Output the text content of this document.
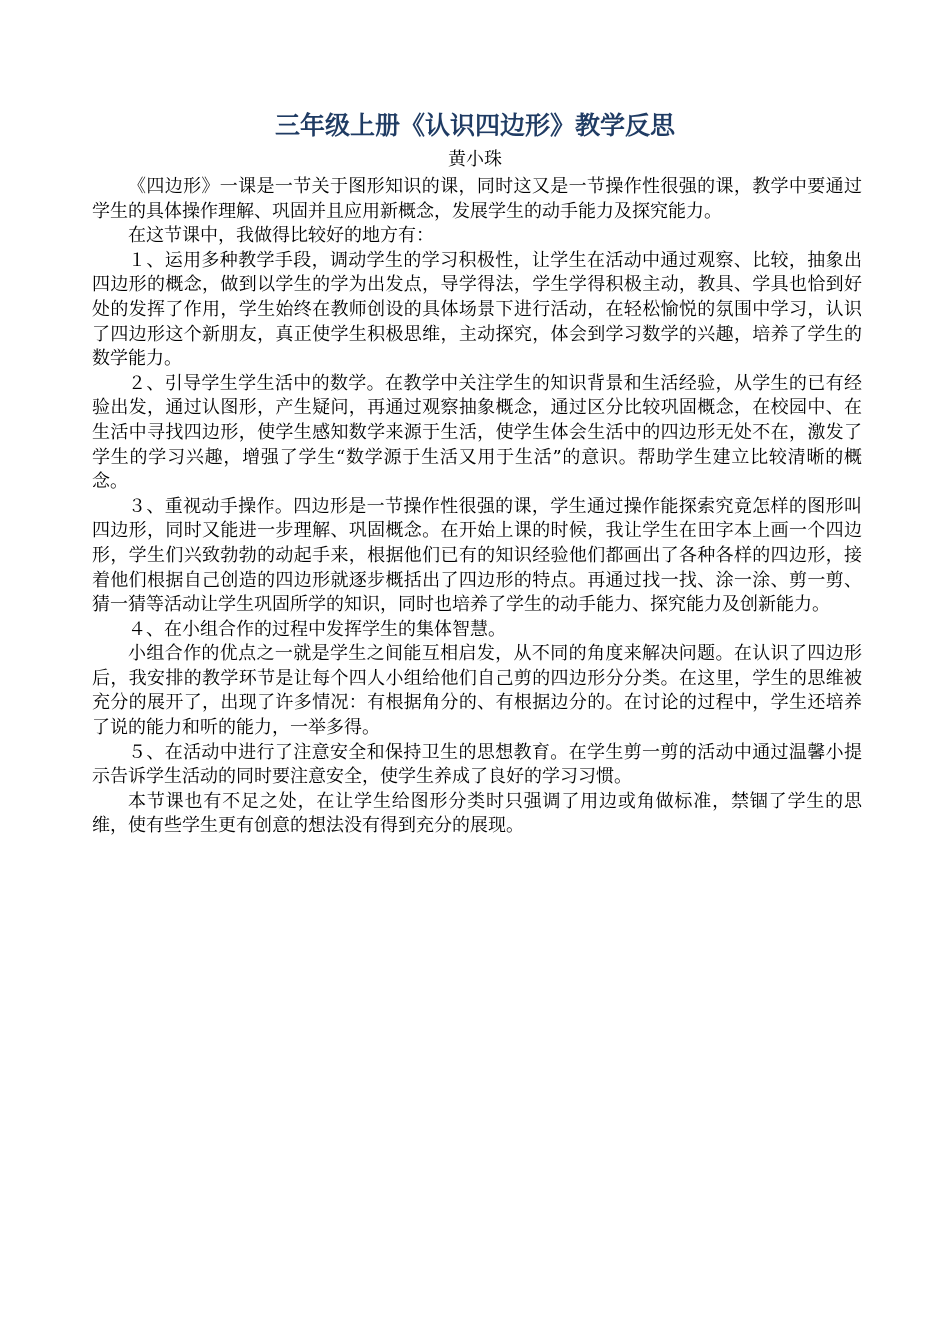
三年级上册《认识四边形》教学反思
黄小珠

《四边形》一课是一节关于图形知识的课，同时这又是一节操作性很强的课，教学中要通过学生的具体操作理解、巩固并且应用新概念，发展学生的动手能力及探究能力。

在这节课中，我做得比较好的地方有：

１、运用多种教学手段，调动学生的学习积极性，让学生在活动中通过观察、比较，抽象出四边形的概念，做到以学生的学为出发点，导学得法，学生学得积极主动，教具、学具也恰到好处的发挥了作用，学生始终在教师创设的具体场景下进行活动，在轻松愉悦的氛围中学习，认识了四边形这个新朋友，真正使学生积极思维，主动探究，体会到学习数学的兴趣，培养了学生的数学能力。

２、引导学生学生活中的数学。在教学中关注学生的知识背景和生活经验，从学生的已有经验出发，通过认图形，产生疑问，再通过观察抽象概念，通过区分比较巩固概念，在校园中、在生活中寻找四边形，使学生感知数学来源于生活，使学生体会生活中的四边形无处不在，激发了学生的学习兴趣，增强了学生“数学源于生活又用于生活”的意识。帮助学生建立比较清晰的概念。

３、重视动手操作。四边形是一节操作性很强的课，学生通过操作能探索究竟怎样的图形叫四边形，同时又能进一步理解、巩固概念。在开始上课的时候，我让学生在田字本上画一个四边形，学生们兴致勃勃的动起手来，根据他们已有的知识经验他们都画出了各种各样的四边形，接着他们根据自己创造的四边形就逐步概括出了四边形的特点。再通过找一找、涂一涂、剪一剪、猜一猜等活动让学生巩固所学的知识，同时也培养了学生的动手能力、探究能力及创新能力。

４、在小组合作的过程中发挥学生的集体智慧。

小组合作的优点之一就是学生之间能互相启发，从不同的角度来解决问题。在认识了四边形后，我安排的教学环节是让每个四人小组给他们自己剪的四边形分分类。在这里，学生的思维被充分的展开了，出现了许多情况：有根据角分的、有根据边分的。在讨论的过程中，学生还培养了说的能力和听的能力，一举多得。

５、在活动中进行了注意安全和保持卫生的思想教育。在学生剪一剪的活动中通过温馨小提示告诉学生活动的同时要注意安全，使学生养成了良好的学习习惯。

本节课也有不足之处，在让学生给图形分类时只强调了用边或角做标准，禁锢了学生的思维，使有些学生更有创意的想法没有得到充分的展现。
